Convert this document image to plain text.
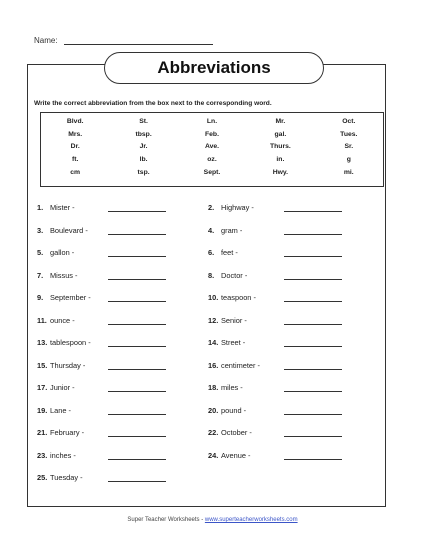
Name:
Abbreviations
Write the correct abbreviation from the box next to the corresponding word.
Blvd.	St.	Ln.	Mr.	Oct.
Mrs.	tbsp.	Feb.	gal.	Tues.
Dr.	Jr.	Ave.	Thurs.	Sr.
ft.	lb.	oz.	in.	g
cm	tsp.	Sept.	Hwy.	mi.
1. Mister -	2. Highway -
3. Boulevard -	4. gram -
5. gallon -	6. feet -
7. Missus -	8. Doctor -
9. September -	10. teaspoon -
11. ounce -	12. Senior -
13. tablespoon -	14. Street -
15. Thursday -	16. centimeter -
17. Junior -	18. miles -
19. Lane -	20. pound -
21. February -	22. October -
23. inches -	24. Avenue -
25. Tuesday -
Super Teacher Worksheets - www.superteacherworksheets.com
